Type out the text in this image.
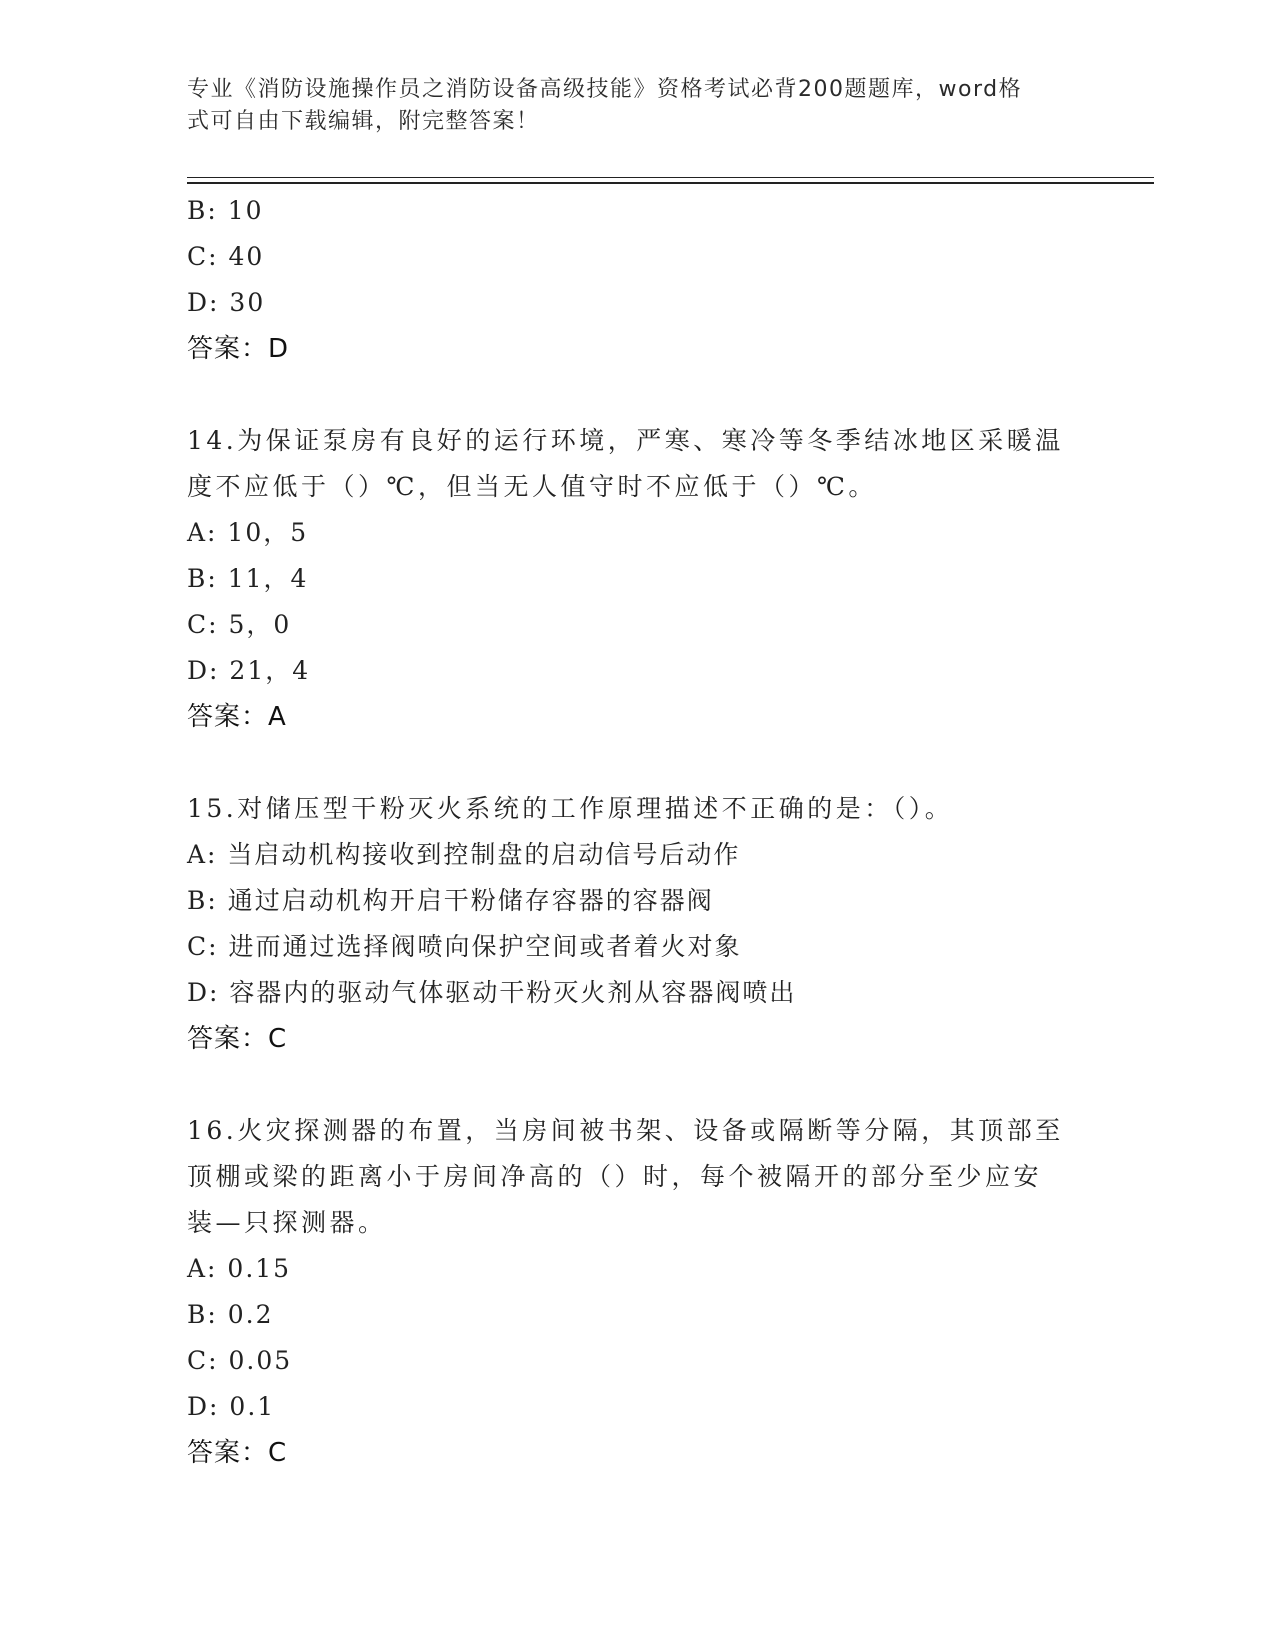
专业《消防设施操作员之消防设备高级技能》资格考试必背200题题库，word格
式可自由下载编辑，附完整答案！
B: 10
C: 40
D: 30
答案：D
14.为保证泵房有良好的运行环境，严寒、寒冷等冬季结冰地区采暖温
度不应低于（）℃，但当无人值守时不应低于（）℃。
A: 10，5
B: 11，4
C: 5，0
D: 21，4
答案：A
15.对储压型干粉灭火系统的工作原理描述不正确的是：（）。
A: 当启动机构接收到控制盘的启动信号后动作
B: 通过启动机构开启干粉储存容器的容器阀
C: 进而通过选择阀喷向保护空间或者着火对象
D: 容器内的驱动气体驱动干粉灭火剂从容器阀喷出
答案：C
16.火灾探测器的布置，当房间被书架、设备或隔断等分隔，其顶部至
顶棚或梁的距离小于房间净高的（）时，每个被隔开的部分至少应安
装—只探测器。
A: 0.15
B: 0.2
C: 0.05
D: 0.1
答案：C
